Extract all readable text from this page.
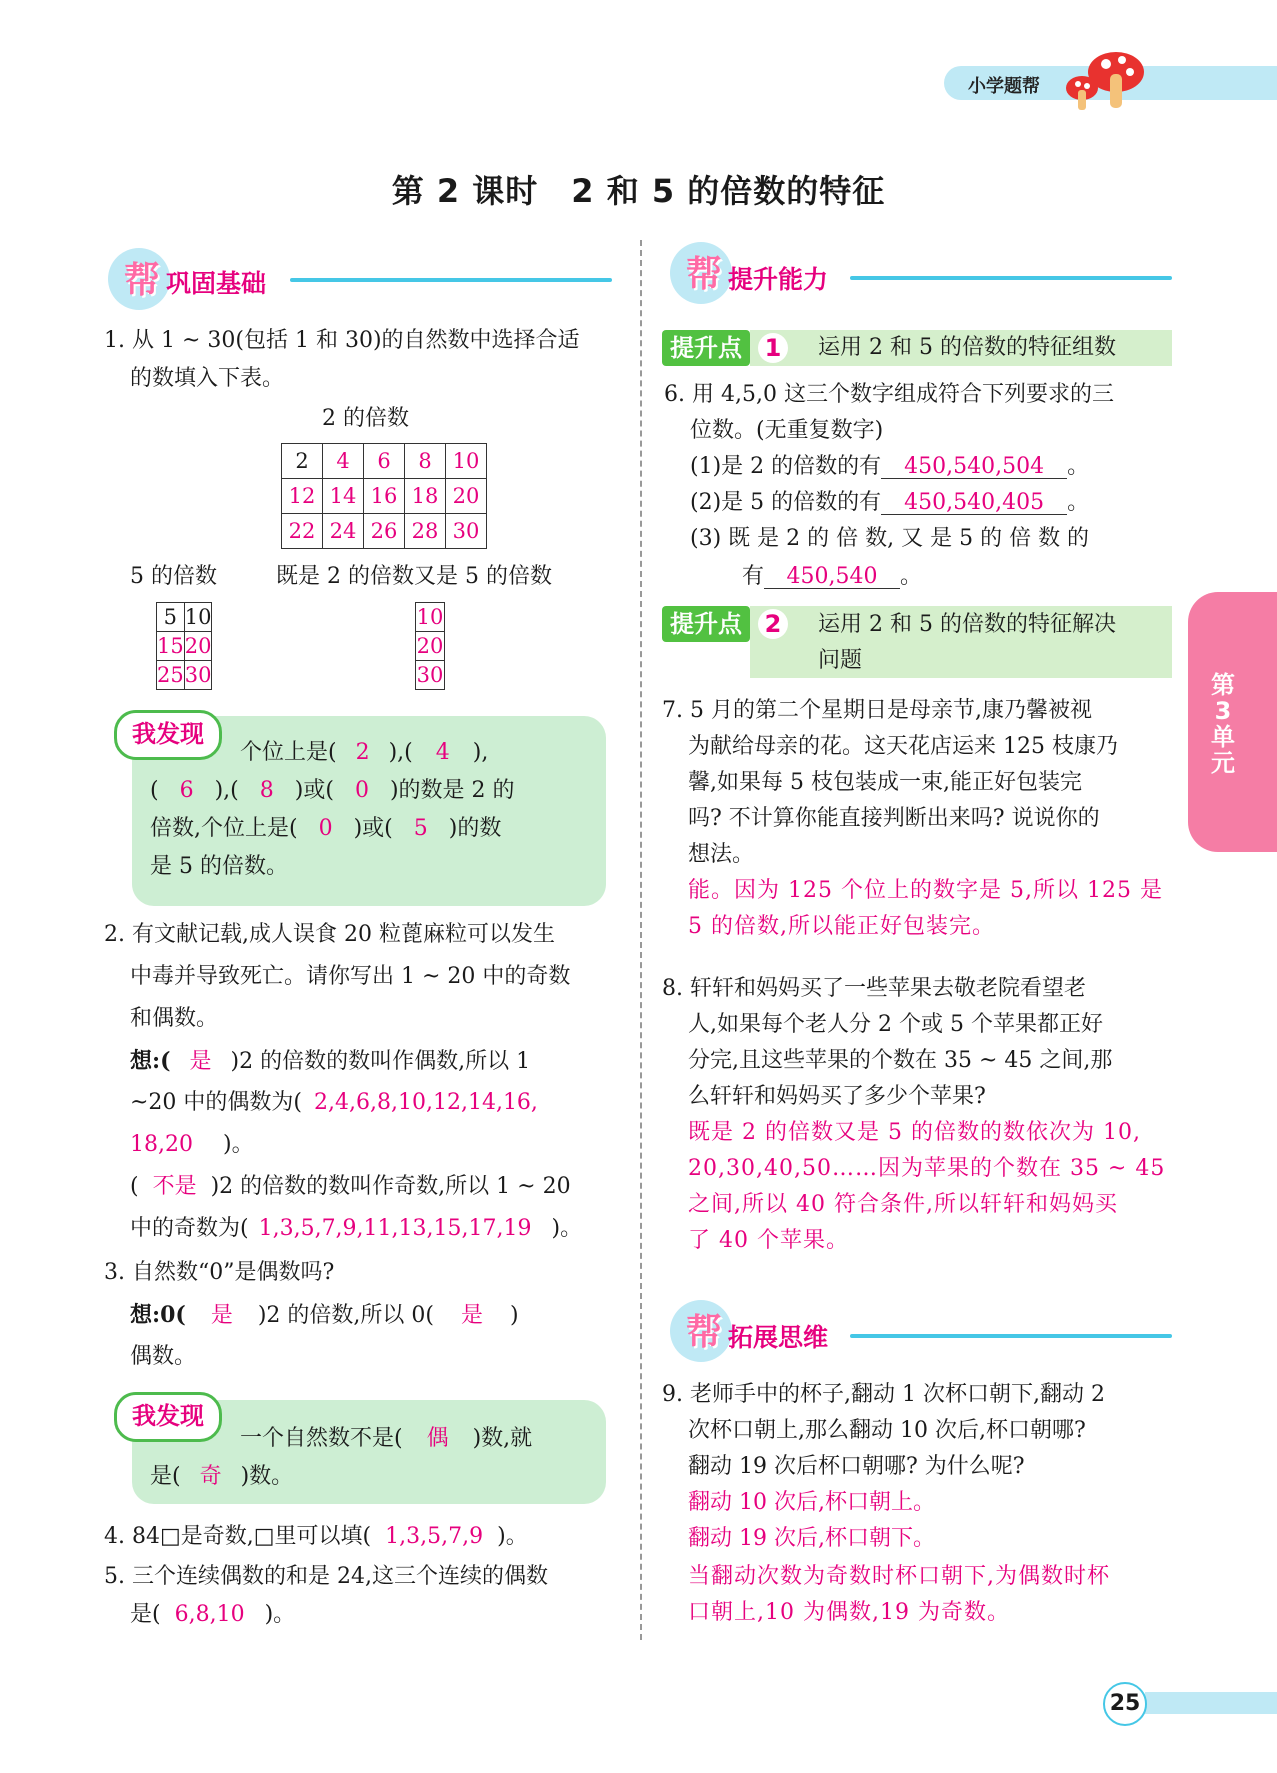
小学题帮
第 2 课时　2 和 5 的倍数的特征
帮 巩固基础
1. 从 1 ~ 30(包括 1 和 30)的自然数中选择合适
的数填入下表。
2 的倍数
2	4	6	8	10
12	14	16	18	20
22	24	26	28	30
5 的倍数	既是 2 的倍数又是 5 的倍数
5	10
15	20
25	30
10
20
30
我发现
个位上是( 2 ),( 4 ),
( 6 ),( 8 )或( 0 )的数是 2 的
倍数,个位上是( 0 )或( 5 )的数
是 5 的倍数。
2. 有文献记载,成人误食 20 粒蓖麻粒可以发生
中毒并导致死亡。请你写出 1 ~ 20 中的奇数
和偶数。
想:( 是 )2 的倍数的数叫作偶数,所以 1
~20 中的偶数为( 2,4,6,8,10,12,14,16,
18,20 )。
( 不是 )2 的倍数的数叫作奇数,所以 1 ~ 20
中的奇数为( 1,3,5,7,9,11,13,15,17,19 )。
3. 自然数“0”是偶数吗?
想:0( 是 )2 的倍数,所以 0( 是 )
偶数。
我发现
一个自然数不是( 偶 )数,就
是( 奇 )数。
4. 84□是奇数,□里可以填( 1,3,5,7,9 )。
5. 三个连续偶数的和是 24,这三个连续的偶数
是( 6,8,10 )。
帮 提升能力
提升点 1	运用 2 和 5 的倍数的特征组数
6. 用 4,5,0 这三个数字组成符合下列要求的三
位数。(无重复数字)
(1)是 2 的倍数的有 450,540,504 。
(2)是 5 的倍数的有 450,540,405 。
(3) 既 是 2 的 倍 数, 又 是 5 的 倍 数 的
有 450,540 。
提升点 2	运用 2 和 5 的倍数的特征解决
问题
7. 5 月的第二个星期日是母亲节,康乃馨被视
为献给母亲的花。这天花店运来 125 枝康乃
馨,如果每 5 枝包装成一束,能正好包装完
吗? 不计算你能直接判断出来吗? 说说你的
想法。
能。因为 125 个位上的数字是 5,所以 125 是
5 的倍数,所以能正好包装完。
8. 轩轩和妈妈买了一些苹果去敬老院看望老
人,如果每个老人分 2 个或 5 个苹果都正好
分完,且这些苹果的个数在 35 ~ 45 之间,那
么轩轩和妈妈买了多少个苹果?
既是 2 的倍数又是 5 的倍数的数依次为 10,
20,30,40,50……因为苹果的个数在 35 ~ 45
之间,所以 40 符合条件,所以轩轩和妈妈买
了 40 个苹果。
帮 拓展思维
9. 老师手中的杯子,翻动 1 次杯口朝下,翻动 2
次杯口朝上,那么翻动 10 次后,杯口朝哪?
翻动 19 次后杯口朝哪? 为什么呢?
翻动 10 次后,杯口朝上。
翻动 19 次后,杯口朝下。
当翻动次数为奇数时杯口朝下,为偶数时杯
口朝上,10 为偶数,19 为奇数。
第3单元
25
